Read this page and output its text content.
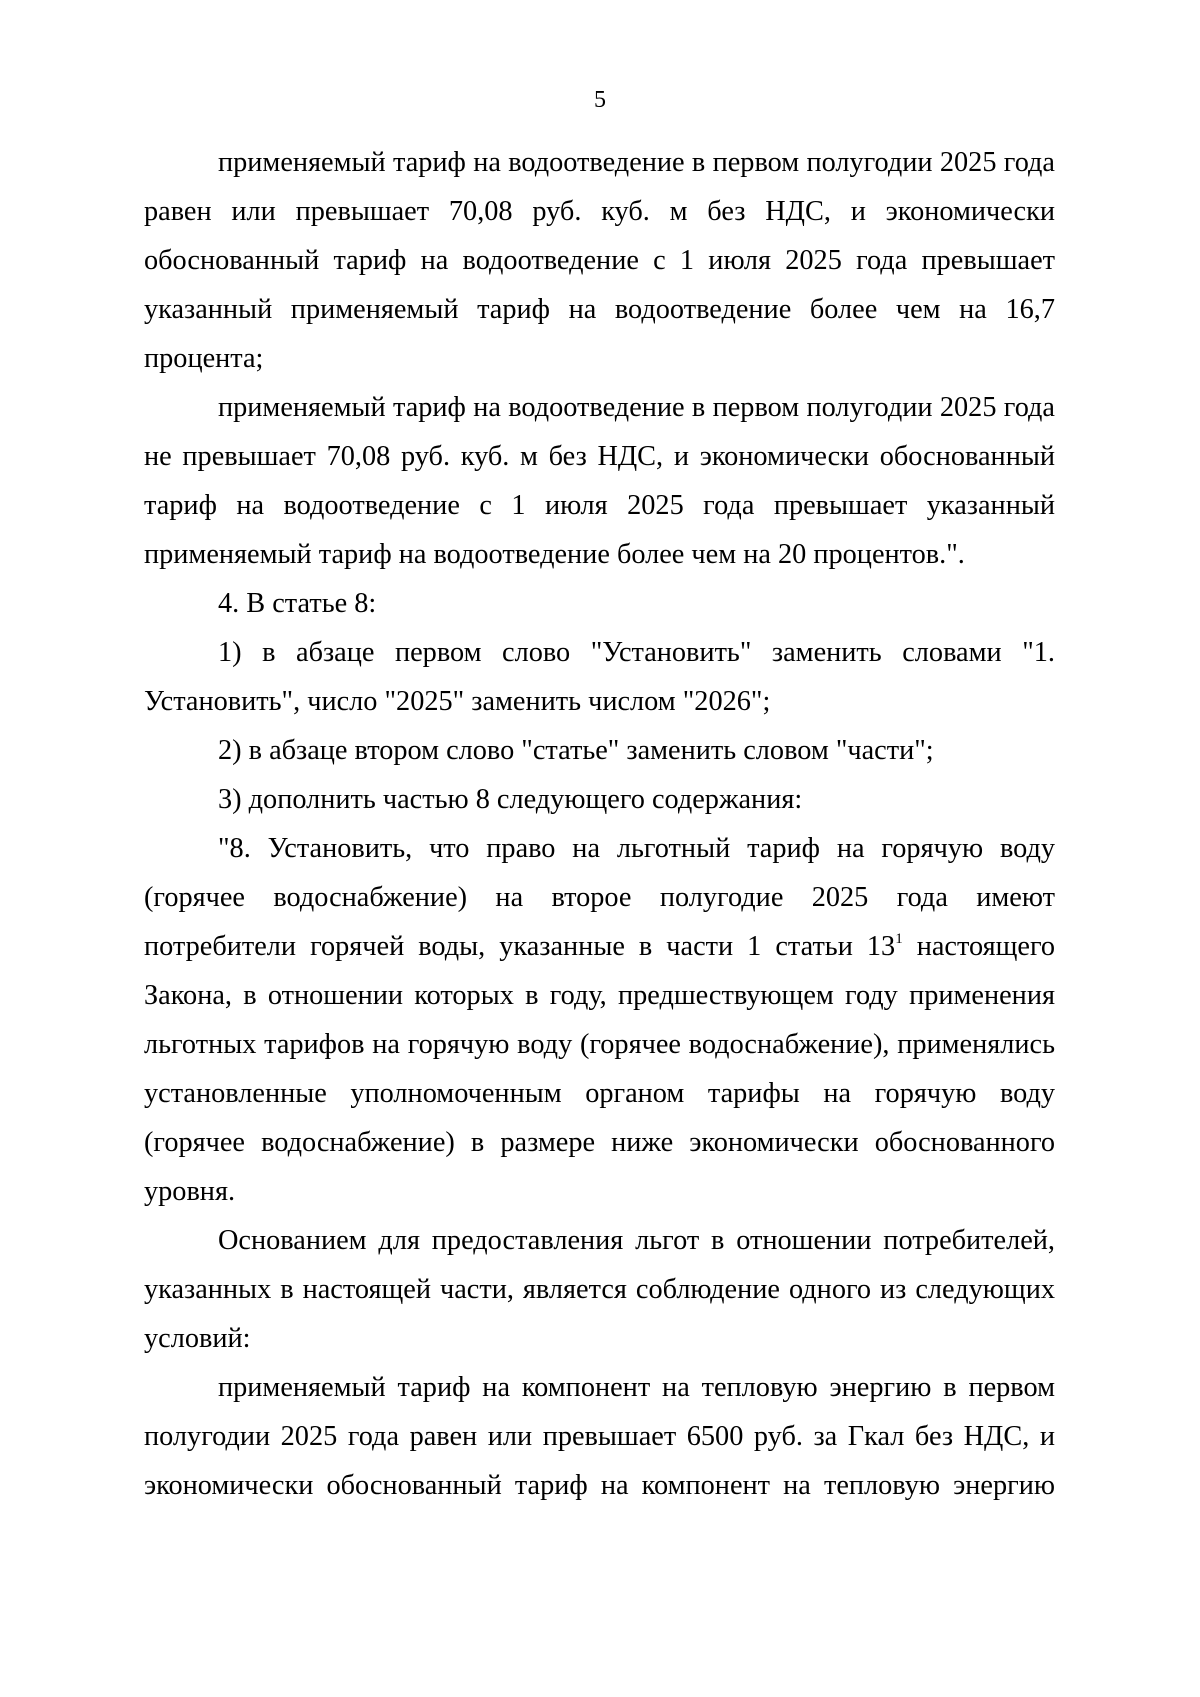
5

применяемый тариф на водоотведение в первом полугодии 2025 года равен или превышает 70,08 руб. куб. м без НДС, и экономически обоснованный тариф на водоотведение с 1 июля 2025 года превышает указанный применяемый тариф на водоотведение более чем на 16,7 процента;

применяемый тариф на водоотведение в первом полугодии 2025 года не превышает 70,08 руб. куб. м без НДС, и экономически обоснованный тариф на водоотведение с 1 июля 2025 года превышает указанный применяемый тариф на водоотведение более чем на 20 процентов.".

4. В статье 8:

1) в абзаце первом слово "Установить" заменить словами "1. Установить", число "2025" заменить числом "2026";

2) в абзаце втором слово "статье" заменить словом "части";

3) дополнить частью 8 следующего содержания:

"8. Установить, что право на льготный тариф на горячую воду (горячее водоснабжение) на второе полугодие 2025 года имеют потребители горячей воды, указанные в части 1 статьи $13^1$ настоящего Закона, в отношении которых в году, предшествующем году применения льготных тарифов на горячую воду (горячее водоснабжение), применялись установленные уполномоченным органом тарифы на горячую воду (горячее водоснабжение) в размере ниже экономически обоснованного уровня.

Основанием для предоставления льгот в отношении потребителей, указанных в настоящей части, является соблюдение одного из следующих условий:

применяемый тариф на компонент на тепловую энергию в первом полугодии 2025 года равен или превышает 6500 руб. за Гкал без НДС, и экономически обоснованный тариф на компонент на тепловую энергию
